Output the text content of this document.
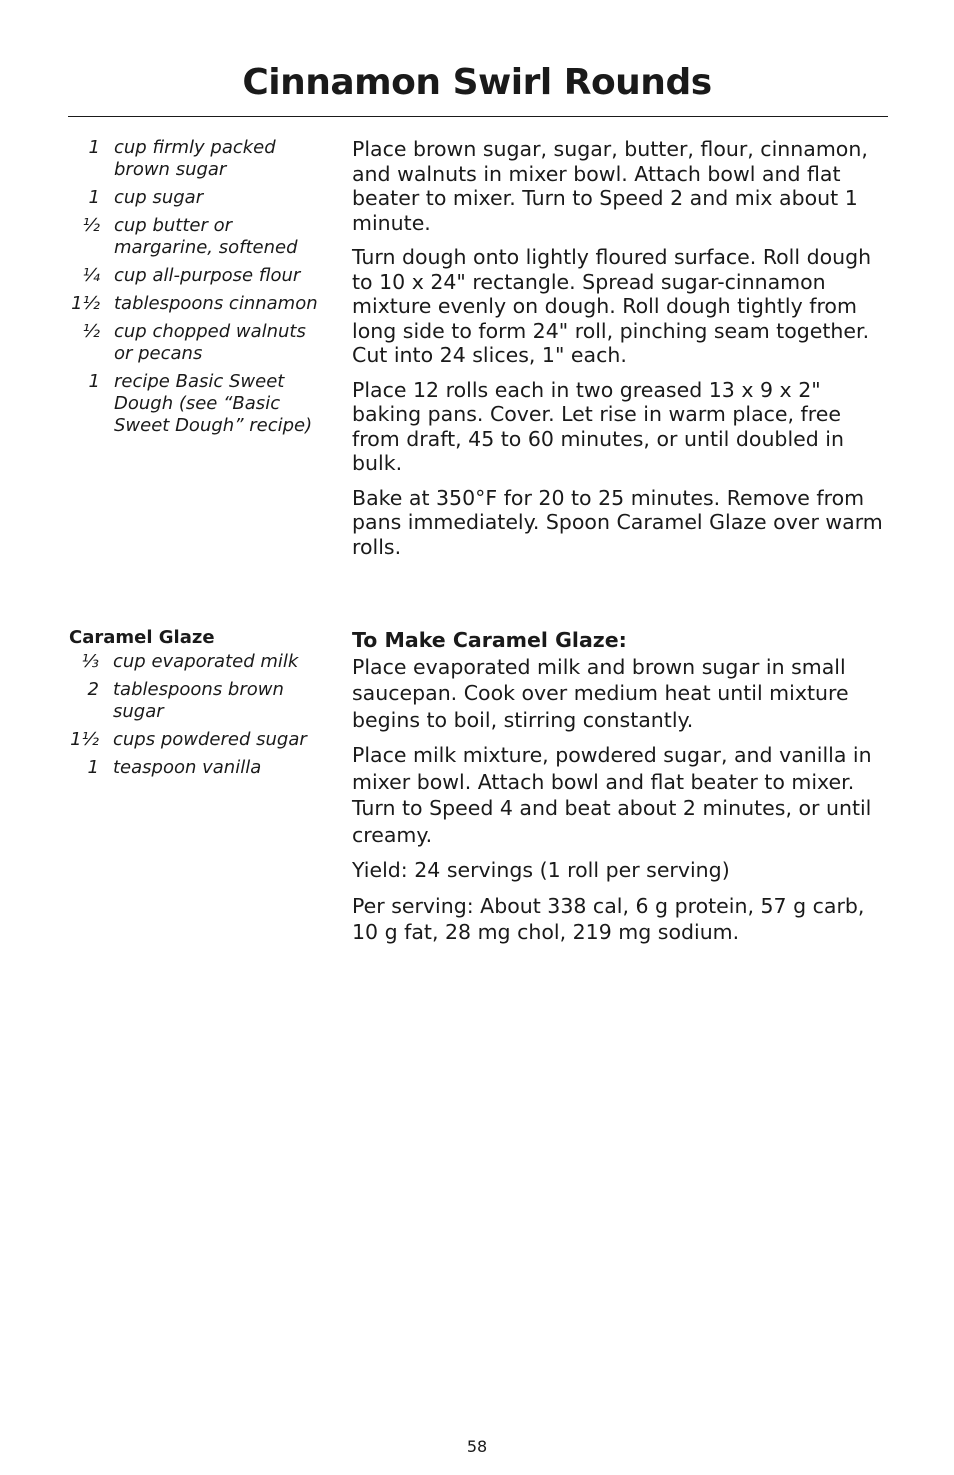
Cinnamon Swirl Rounds
1 cup firmly packed brown sugar
1 cup sugar
½ cup butter or margarine, softened
¼ cup all-purpose flour
1½ tablespoons cinnamon
½ cup chopped walnuts or pecans
1 recipe Basic Sweet Dough (see “Basic Sweet Dough” recipe)

Place brown sugar, sugar, butter, flour, cinnamon, and walnuts in mixer bowl. Attach bowl and flat beater to mixer. Turn to Speed 2 and mix about 1 minute.

Turn dough onto lightly floured surface. Roll dough to 10 x 24" rectangle. Spread sugar-cinnamon mixture evenly on dough. Roll dough tightly from long side to form 24" roll, pinching seam together. Cut into 24 slices, 1" each.

Place 12 rolls each in two greased 13 x 9 x 2" baking pans. Cover. Let rise in warm place, free from draft, 45 to 60 minutes, or until doubled in bulk.

Bake at 350°F for 20 to 25 minutes. Remove from pans immediately. Spoon Caramel Glaze over warm rolls.

Caramel Glaze
⅓ cup evaporated milk
2 tablespoons brown sugar
1½ cups powdered sugar
1 teaspoon vanilla

To Make Caramel Glaze:

Place evaporated milk and brown sugar in small saucepan. Cook over medium heat until mixture begins to boil, stirring constantly.

Place milk mixture, powdered sugar, and vanilla in mixer bowl. Attach bowl and flat beater to mixer. Turn to Speed 4 and beat about 2 minutes, or until creamy.

Yield: 24 servings (1 roll per serving)

Per serving: About 338 cal, 6 g protein, 57 g carb, 10 g fat, 28 mg chol, 219 mg sodium.

58
